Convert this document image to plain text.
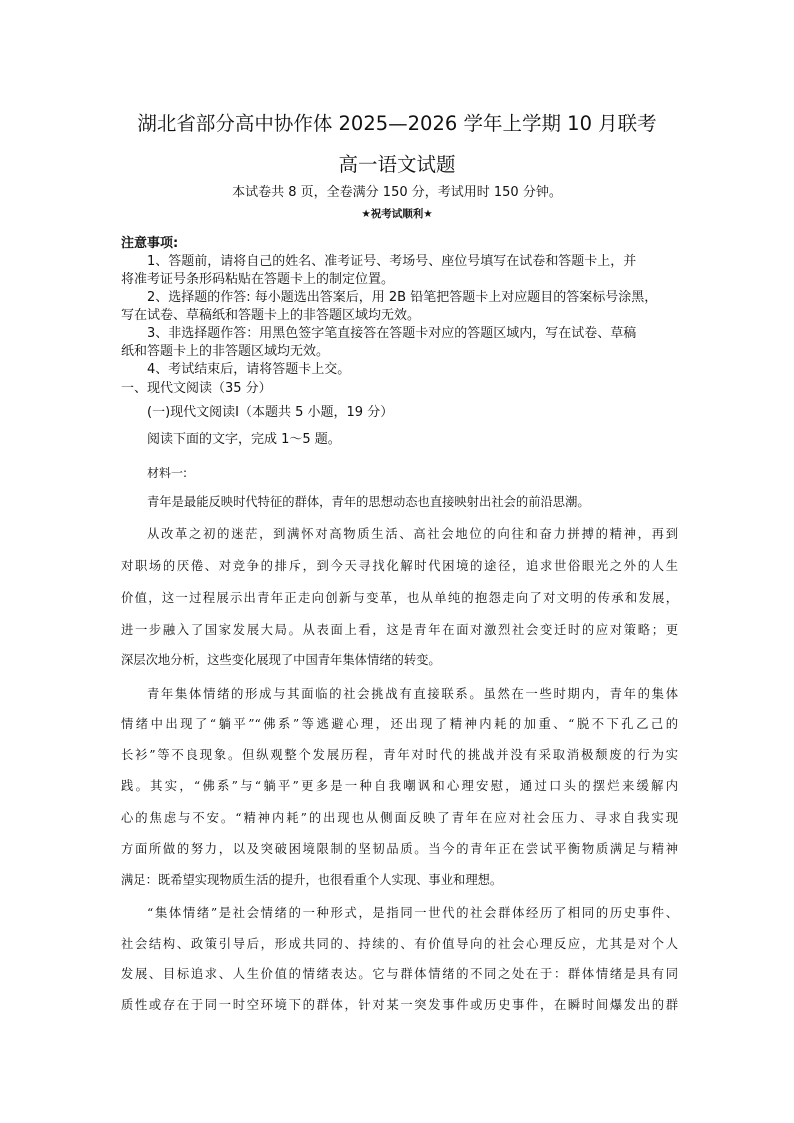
湖北省部分高中协作体 2025—2026 学年上学期 10 月联考
高一语文试题
本试卷共 8 页，全卷满分 150 分，考试用时 150 分钟。
★祝考试顺利★
注意事项:
1、答题前，请将自己的姓名、准考证号、考场号、座位号填写在试卷和答题卡上，并
将准考证号条形码粘贴在答题卡上的制定位置。
2、选择题的作答: 每小题选出答案后，用 2B 铅笔把答题卡上对应题目的答案标号涂黑，
写在试卷、草稿纸和答题卡上的非答题区域均无效。
3、非选择题作答：用黑色签字笔直接答在答题卡对应的答题区域内，写在试卷、草稿
纸和答题卡上的非答题区域均无效。
4、考试结束后，请将答题卡上交。
一、现代文阅读（35 分）
(一)现代文阅读Ⅰ（本题共 5 小题，19 分）
阅读下面的文字，完成 1～5 题。
材料一:
青年是最能反映时代特征的群体，青年的思想动态也直接映射出社会的前沿思潮。
从改革之初的迷茫，到满怀对高物质生活、高社会地位的向往和奋力拼搏的精神，再到
对职场的厌倦、对竞争的排斥，到今天寻找化解时代困境的途径，追求世俗眼光之外的人生
价值，这一过程展示出青年正走向创新与变革，也从单纯的抱怨走向了对文明的传承和发展，
进一步融入了国家发展大局。从表面上看，这是青年在面对激烈社会变迁时的应对策略；更
深层次地分析，这些变化展现了中国青年集体情绪的转变。
青年集体情绪的形成与其面临的社会挑战有直接联系。虽然在一些时期内，青年的集体
情绪中出现了“躺平”“佛系”等逃避心理，还出现了精神内耗的加重、“脱不下孔乙己的
长衫”等不良现象。但纵观整个发展历程，青年对时代的挑战并没有采取消极颓废的行为实
践。其实，“佛系”与“躺平”更多是一种自我嘲讽和心理安慰，通过口头的摆烂来缓解内
心的焦虑与不安。“精神内耗”的出现也从侧面反映了青年在应对社会压力、寻求自我实现
方面所做的努力，以及突破困境限制的坚韧品质。当今的青年正在尝试平衡物质满足与精神
满足：既希望实现物质生活的提升，也很看重个人实现、事业和理想。
“集体情绪”是社会情绪的一种形式，是指同一世代的社会群体经历了相同的历史事件、
社会结构、政策引导后，形成共同的、持续的、有价值导向的社会心理反应，尤其是对个人
发展、目标追求、人生价值的情绪表达。它与群体情绪的不同之处在于：群体情绪是具有同
质性或存在于同一时空环境下的群体，针对某一突发事件或历史事件，在瞬时间爆发出的群
